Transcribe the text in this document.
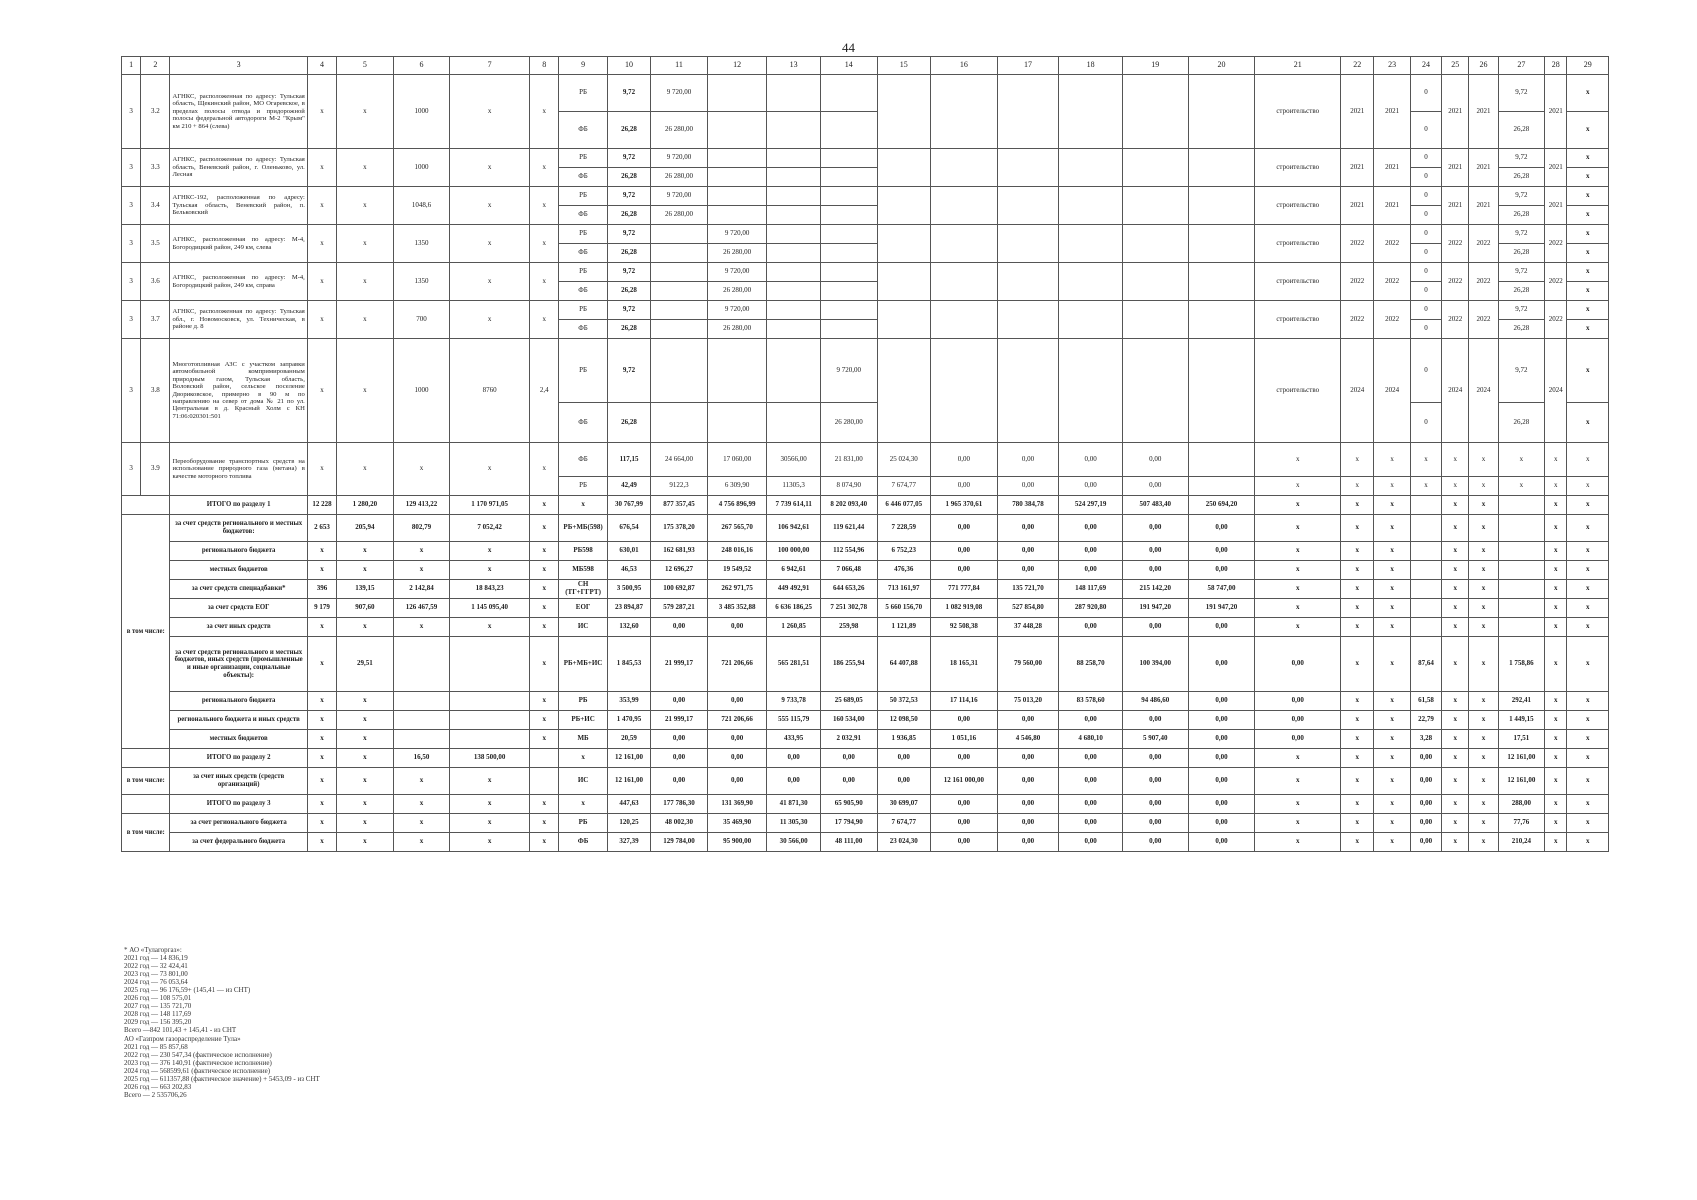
44
1	2	3	4	5	6	7	8	9	10	11	12	13	14	15	16	17	18	19	20	21	22	23	24	25	26	27	28	29
3	3.2	АГНКС, расположенная по адресу: Тульская область, Щекинский район, МО Огаревское, в пределах полосы отвода и придорожной полосы федеральной автодороги М-2 "Крым" км 210 + 864 (слева)	х	х	1000	х	х	РБ	9,72	9 720,00										строительство	2021	2021	0	2021	2021	9,72	2021	х
								ФБ	26,28	26 280,00													0			26,28		х
3	3.3	АГНКС, расположенная по адресу: Тульская область, Веневский район, г. Оленьково, ул. Лесная	х	х	1000	х	х	РБ	9,72	9 720,00										строительство	2021	2021	0	2021	2021	9,72	2021	х
								ФБ	26,28	26 280,00													0			26,28		х
3	3.4	АГНКС-192, расположенная по адресу: Тульская область, Веневский район, п. Бельковский	х	х	1048,6	х	х	РБ	9,72	9 720,00										строительство	2021	2021	0	2021	2021	9,72	2021	х
								ФБ	26,28	26 280,00													0			26,28		х
3	3.5	АГНКС, расположенная по адресу: М-4, Богородицкий район, 249 км, слева	х	х	1350	х	х	РБ	9,72		9 720,00									строительство	2022	2022	0	2022	2022	9,72	2022	х
								ФБ	26,28		26 280,00												0			26,28		х
3	3.6	АГНКС, расположенная по адресу: М-4, Богородицкий район, 249 км, справа	х	х	1350	х	х	РБ	9,72		9 720,00									строительство	2022	2022	0	2022	2022	9,72	2022	х
								ФБ	26,28		26 280,00												0			26,28		х
3	3.7	АГНКС, расположенная по адресу: Тульская обл., г. Новомосковск, ул. Техническая, в районе д. 8	х	х	700	х	х	РБ	9,72		9 720,00									строительство	2022	2022	0	2022	2022	9,72	2022	х
								ФБ	26,28		26 280,00												0			26,28		х
3	3.8	Многотопливная АЗС с участком заправки автомобильной компримированным природным газом, Тульская область, Воловский район, сельское поселение Двориковское, примерно в 90 м по направлению на север от дома № 21 по ул. Центральная в д. Красный Холм с КН 71:06:020301:501	х	х	1000	8760	2,4	РБ	9,72				9 720,00							строительство	2024	2024	0	2024	2024	9,72	2024	х
								ФБ	26,28				26 280,00										0			26,28		х
3	3.9	Переоборудование транспортных средств на использование природного газа (метана) в качестве моторного топлива	х	х	х	х	х	ФБ	117,15	24 664,00	17 060,00	30566,00	21 831,00	25 024,30	0,00	0,00	0,00	0,00		х	х	х	х	х	х	х	х	х
								РБ	42,49	9122,3	6 309,90	11305,3	8 074,90	7 674,77	0,00	0,00	0,00	0,00		х	х	х	х	х	х	х	х	х
		ИТОГО по разделу 1	12 228	1 280,20	129 413,22	1 170 971,05	х	х	30 767,99	877 357,45	4 756 896,99	7 739 614,11	8 202 093,40	6 446 077,05	1 965 370,61	780 384,78	524 297,19	507 483,40	250 694,20	х	х	х		х	х		х	х
в том числе:		за счет средств регионального и местных бюджетов:	2 653	205,94	802,79	7 052,42	х	РБ+МБ(598)	676,54	175 378,20	267 565,70	106 942,61	119 621,44	7 228,59	0,00	0,00	0,00	0,00	0,00	х	х	х		х	х		х	х
		регионального бюджета	х	х	х	х	х	РБ598	630,01	162 681,93	248 016,16	100 000,00	112 554,96	6 752,23	0,00	0,00	0,00	0,00	0,00	х	х	х		х	х		х	х
		местных бюджетов	х	х	х	х	х	МБ598	46,53	12 696,27	19 549,52	6 942,61	7 066,48	476,36	0,00	0,00	0,00	0,00	0,00	х	х	х		х	х		х	х
		за счет средств спецнадбавки*	396	139,15	2 142,84	18 843,23	х	СН (ТГ+ГГРТ)	3 500,95	100 692,87	262 971,75	449 492,91	644 653,26	713 161,97	771 777,84	135 721,70	148 117,69	215 142,20	58 747,00	х	х	х		х	х		х	х
		за счет средств ЕОГ	9 179	907,60	126 467,59	1 145 095,40	х	ЕОГ	23 894,87	579 287,21	3 485 352,88	6 636 186,25	7 251 302,78	5 660 156,70	1 082 919,08	527 854,80	287 920,80	191 947,20	191 947,20	х	х	х		х	х		х	х
		за счет иных средств	х	х	х	х	х	ИС	132,60	0,00	0,00	1 260,85	259,98	1 121,89	92 508,38	37 448,28	0,00	0,00	0,00	х	х	х		х	х		х	х
		за счет средств регионального и местных бюджетов, иных средств (промышленные и иные организации, социальные объекты):	х	29,51			х	РБ+МБ+ИС	1 845,53	21 999,17	721 206,66	565 281,51	186 255,94	64 407,88	18 165,31	79 560,00	88 258,70	100 394,00	0,00	0,00	х	х	87,64	х	х	1 758,86	х	х
		регионального бюджета	х	х			х	РБ	353,99	0,00	0,00	9 733,78	25 689,05	50 372,53	17 114,16	75 013,20	83 578,60	94 486,60	0,00	0,00	х	х	61,58	х	х	292,41	х	х
		регионального бюджета и иных средств	х	х			х	РБ+ИС	1 470,95	21 999,17	721 206,66	555 115,79	160 534,00	12 098,50	0,00	0,00	0,00	0,00	0,00	0,00	х	х	22,79	х	х	1 449,15	х	х
		местных бюджетов	х	х			х	МБ	20,59	0,00	0,00	433,95	2 032,91	1 936,85	1 051,16	4 546,80	4 680,10	5 907,40	0,00	0,00	х	х	3,28	х	х	17,51	х	х
		ИТОГО по разделу 2	х	х	16,50	138 500,00		х	12 161,00	0,00	0,00	0,00	0,00	0,00	0,00	0,00	0,00	0,00	0,00	х	х	х	0,00	х	х	12 161,00	х	х
в том числе:		за счет иных средств (средств организаций)	х	х	х	х		ИС	12 161,00	0,00	0,00	0,00	0,00	0,00	12 161 000,00	0,00	0,00	0,00	0,00	х	х	х	0,00	х	х	12 161,00	х	х
		ИТОГО по разделу 3	х	х	х	х	х	х	447,63	177 786,30	131 369,90	41 871,30	65 905,90	30 699,07	0,00	0,00	0,00	0,00	0,00	х	х	х	0,00	х	х	288,00	х	х
в том числе:		за счет регионального бюджета	х	х	х	х	х	РБ	120,25	48 002,30	35 469,90	11 305,30	17 794,90	7 674,77	0,00	0,00	0,00	0,00	0,00	х	х	х	0,00	х	х	77,76	х	х
		за счет федерального бюджета	х	х	х	х	х	ФБ	327,39	129 784,00	95 900,00	30 566,00	48 111,00	23 024,30	0,00	0,00	0,00	0,00	0,00	х	х	х	0,00	х	х	210,24	х	х
* АО «Тулагоргаз»:
2021 год — 14 836,19
2022 год — 32 424,41
2023 год — 73 801,00
2024 год — 76 053,64
2025 год — 96 176,59+ (145,41 — из СНТ)
2026 год — 108 575,01
2027 год — 135 721,70
2028 год — 148 117,69
2029 год — 156 395,20
Всего —842 101,43 + 145,41 - из СНТ
АО «Газпром газораспределение Тула»
2021 год — 85 857,68
2022 год — 230 547,34 (фактическое исполнение)
2023 год — 376 140,91 (фактическое исполнение)
2024 год — 568599,61 (фактическое исполнение)
2025 год — 611357,88 (фактическое значение) + 5453,09 - из СНТ
2026 год — 663 202,83
Всего — 2 535706,26
